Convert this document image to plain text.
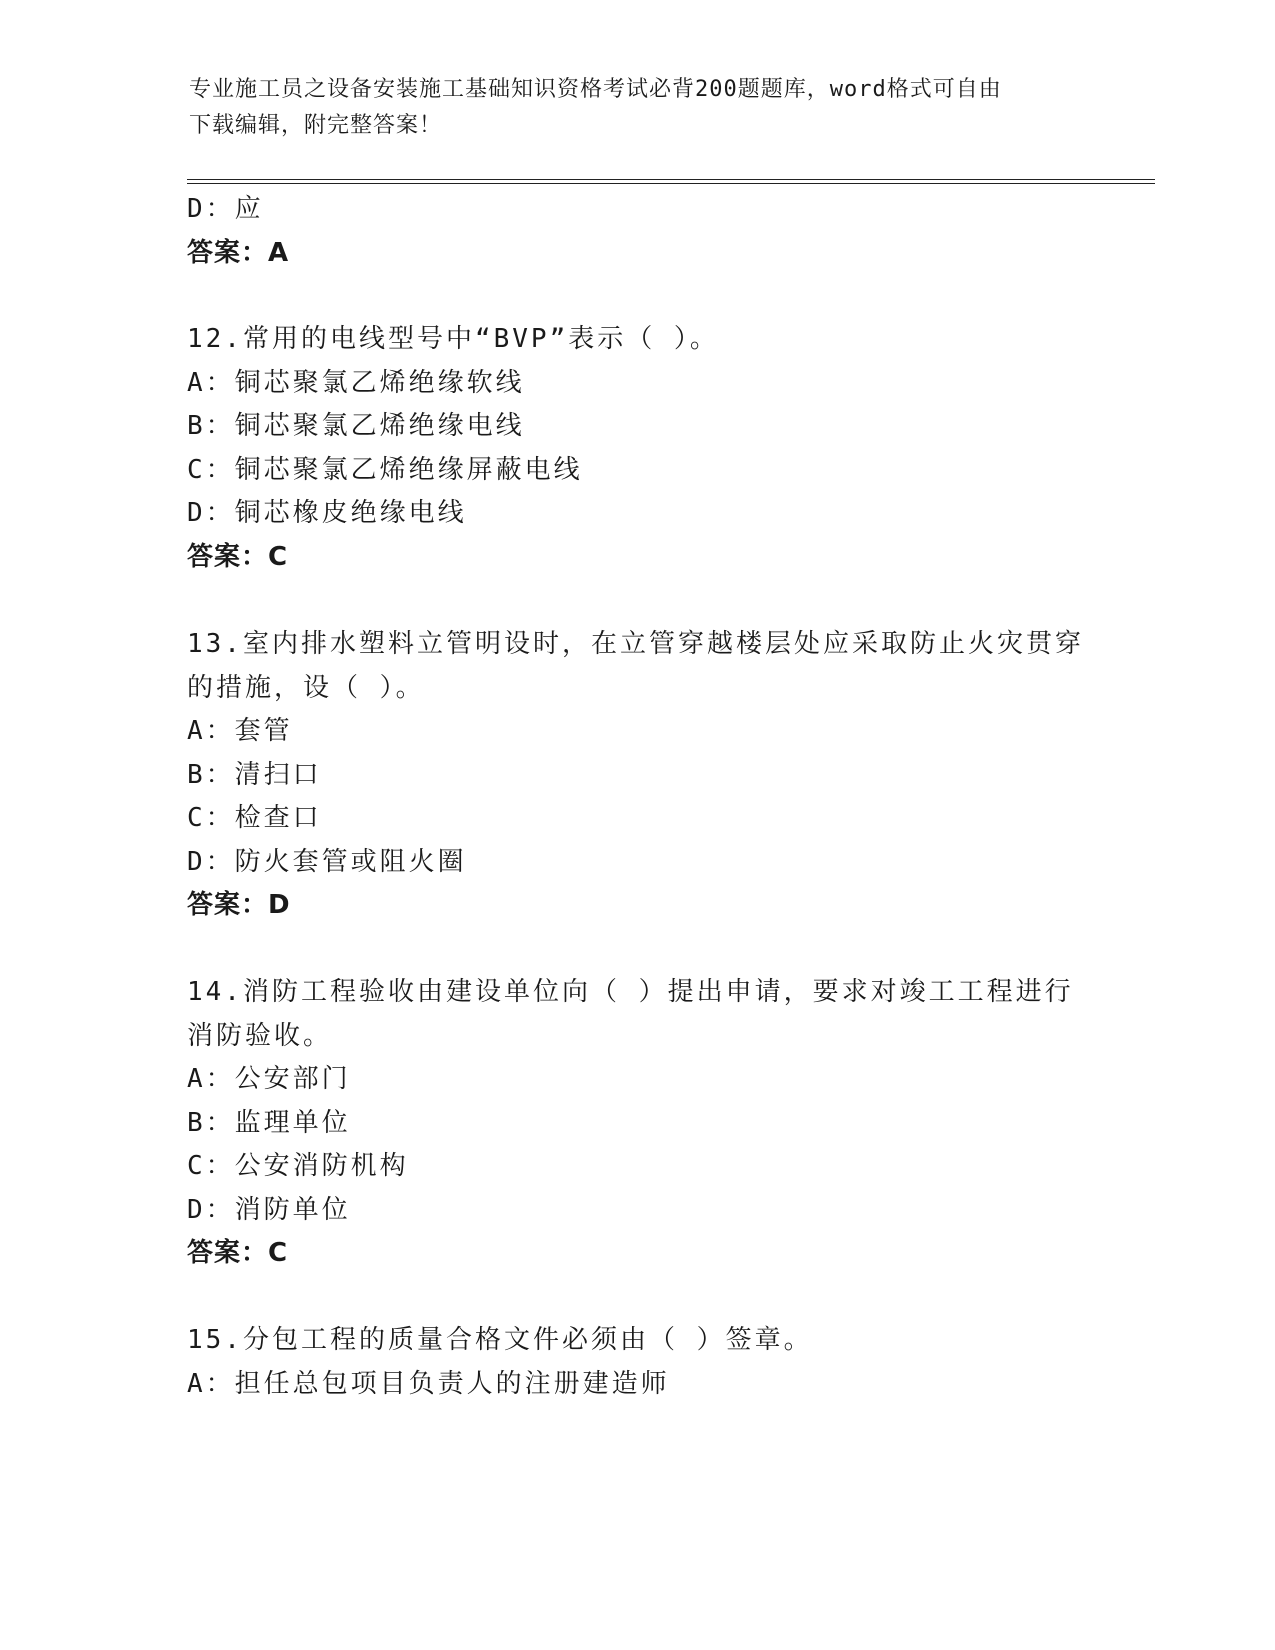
专业施工员之设备安装施工基础知识资格考试必背200题题库，word格式可自由
下载编辑，附完整答案！
D：应
答案：A
12.常用的电线型号中“BVP”表示（ ）。
A：铜芯聚氯乙烯绝缘软线
B：铜芯聚氯乙烯绝缘电线
C：铜芯聚氯乙烯绝缘屏蔽电线
D：铜芯橡皮绝缘电线
答案：C
13.室内排水塑料立管明设时，在立管穿越楼层处应采取防止火灾贯穿
的措施，设（ ）。
A：套管
B：清扫口
C：检查口
D：防火套管或阻火圈
答案：D
14.消防工程验收由建设单位向（ ）提出申请，要求对竣工工程进行
消防验收。
A：公安部门
B：监理单位
C：公安消防机构
D：消防单位
答案：C
15.分包工程的质量合格文件必须由（ ）签章。
A：担任总包项目负责人的注册建造师
